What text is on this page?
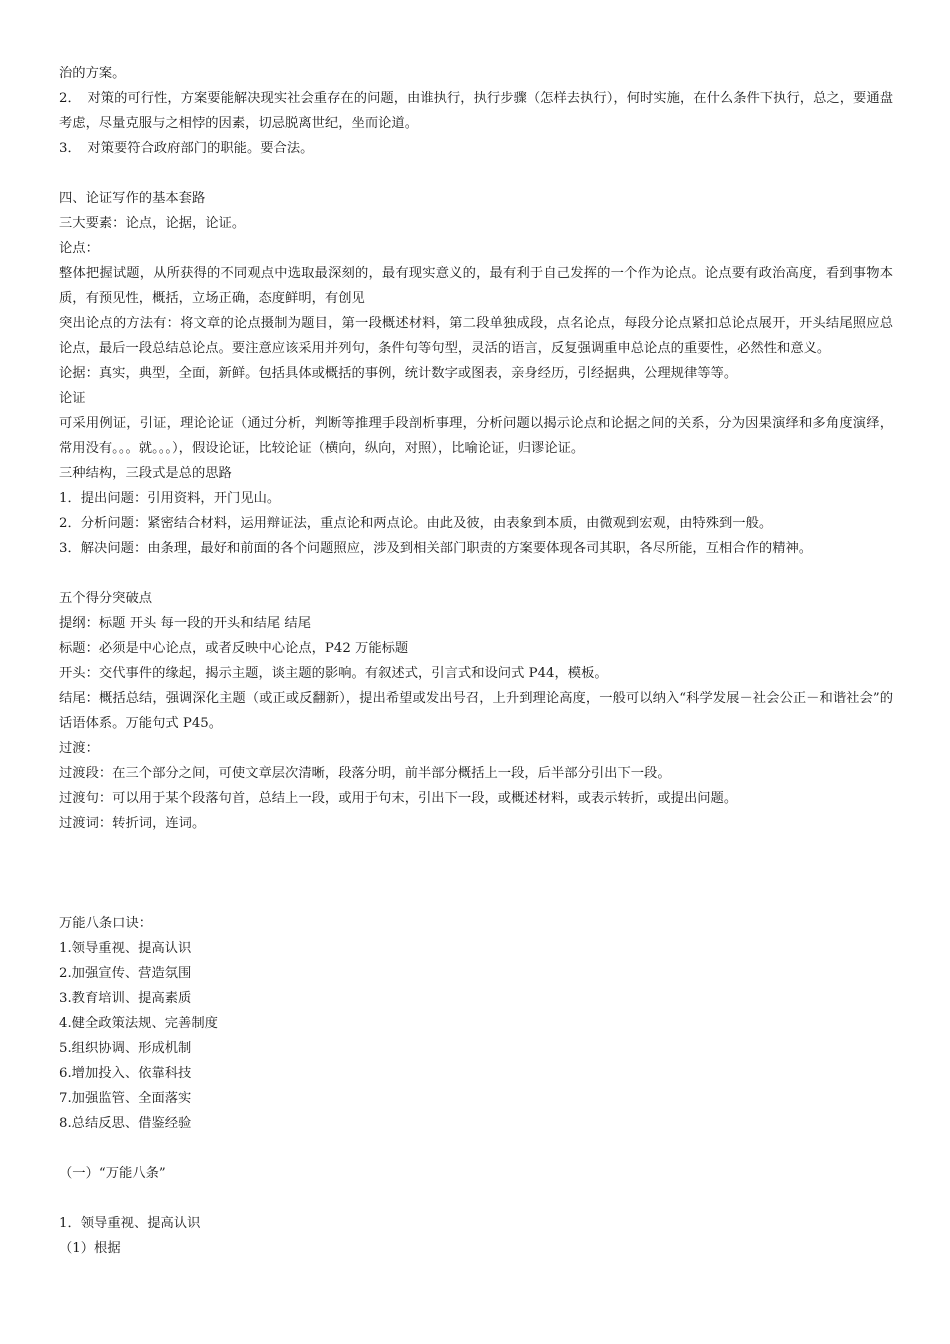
治的方案。

2．　对策的可行性，方案要能解决现实社会重存在的问题，由谁执行，执行步骤（怎样去执行），何时实施，在什么条件下执行，总之，要通盘考虑，尽量克服与之相悖的因素，切忌脱离世纪，坐而论道。

3．　对策要符合政府部门的职能。要合法。

四、论证写作的基本套路

三大要素：论点，论据，论证。

论点：

整体把握试题，从所获得的不同观点中选取最深刻的，最有现实意义的，最有利于自己发挥的一个作为论点。论点要有政治高度，看到事物本质，有预见性，概括，立场正确，态度鲜明，有创见

突出论点的方法有：将文章的论点摄制为题目，第一段概述材料，第二段单独成段，点名论点，每段分论点紧扣总论点展开，开头结尾照应总论点，最后一段总结总论点。要注意应该采用并列句，条件句等句型，灵活的语言，反复强调重申总论点的重要性，必然性和意义。

论据：真实，典型，全面，新鲜。包括具体或概括的事例，统计数字或图表，亲身经历，引经据典，公理规律等等。

论证

可采用例证，引证，理论论证（通过分析，判断等推理手段剖析事理，分析问题以揭示论点和论据之间的关系，分为因果演绎和多角度演绎，常用没有。。。就。。。），假设论证，比较论证（横向，纵向，对照），比喻论证，归谬论证。

三种结构，三段式是总的思路

1．提出问题：引用资料，开门见山。

2．分析问题：紧密结合材料，运用辩证法，重点论和两点论。由此及彼，由表象到本质，由微观到宏观，由特殊到一般。

3．解决问题：由条理，最好和前面的各个问题照应，涉及到相关部门职责的方案要体现各司其职，各尽所能，互相合作的精神。

五个得分突破点

提纲：标题 开头 每一段的开头和结尾 结尾

标题：必须是中心论点，或者反映中心论点，P42 万能标题

开头：交代事件的缘起，揭示主题，谈主题的影响。有叙述式，引言式和设问式 P44，模板。

结尾：概括总结，强调深化主题（或正或反翻新），提出希望或发出号召，上升到理论高度，一般可以纳入“科学发展－社会公正－和谐社会”的话语体系。万能句式 P45。

过渡：

过渡段：在三个部分之间，可使文章层次清晰，段落分明，前半部分概括上一段，后半部分引出下一段。

过渡句：可以用于某个段落句首，总结上一段，或用于句末，引出下一段，或概述材料，或表示转折，或提出问题。

过渡词：转折词，连词。

万能八条口诀：

1.领导重视、提高认识

2.加强宣传、营造氛围

3.教育培训、提高素质

4.健全政策法规、完善制度

5.组织协调、形成机制

6.增加投入、依靠科技

7.加强监管、全面落实

8.总结反思、借鉴经验

（一）“万能八条”

1．领导重视、提高认识

（1）根据
